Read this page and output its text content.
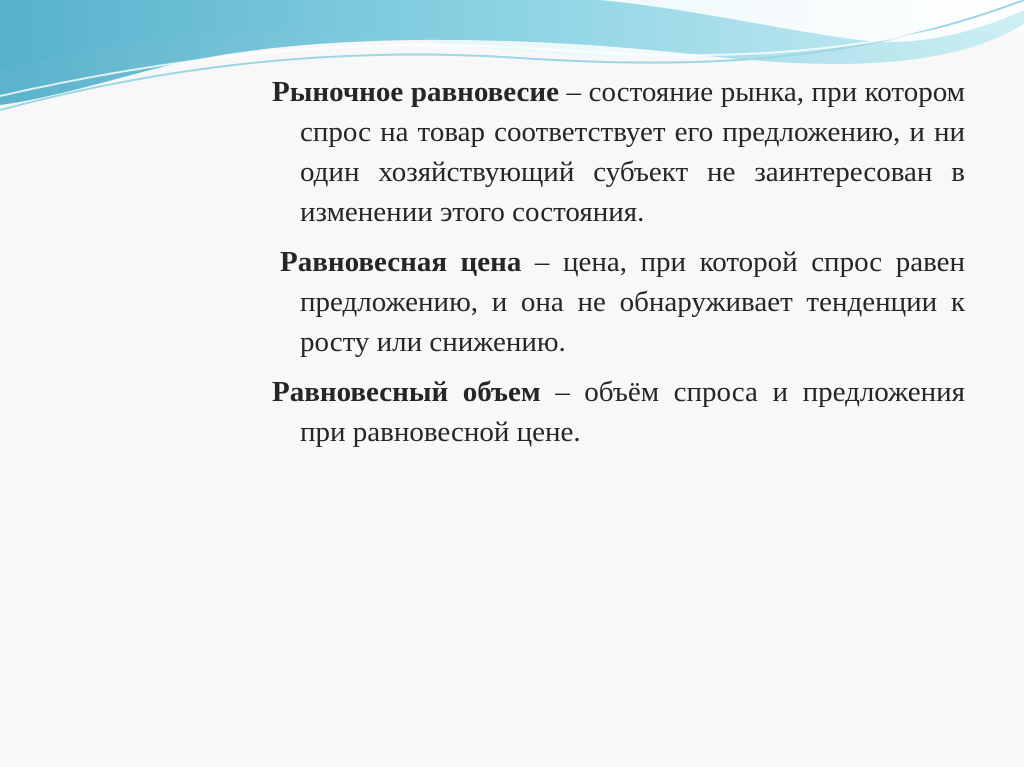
Рыночное равновесие – состояние рынка, при котором спрос на товар соответствует его предложению, и ни один хозяйствующий субъект не заинтересован в изменении этого состояния.

Равновесная цена – цена, при которой спрос равен предложению, и она не обнаруживает тенденции к росту или снижению.

Равновесный объем – объём спроса и предложения при равновесной цене.
